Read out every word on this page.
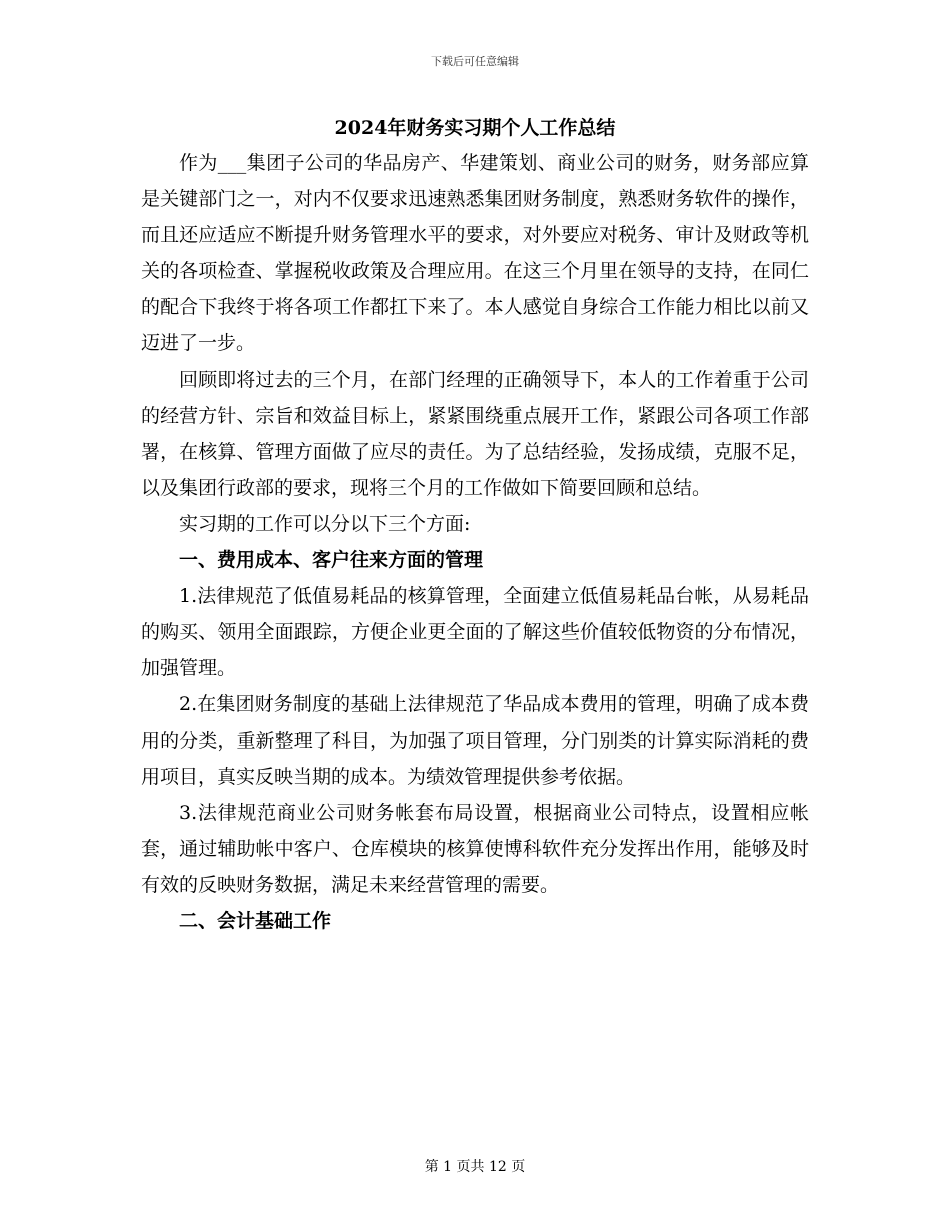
下载后可任意编辑
2024年财务实习期个人工作总结

作为___集团子公司的华品房产、华建策划、商业公司的财务，财务部应算是关键部门之一，对内不仅要求迅速熟悉集团财务制度，熟悉财务软件的操作，而且还应适应不断提升财务管理水平的要求，对外要应对税务、审计及财政等机关的各项检查、掌握税收政策及合理应用。在这三个月里在领导的支持，在同仁的配合下我终于将各项工作都扛下来了。本人感觉自身综合工作能力相比以前又迈进了一步。

回顾即将过去的三个月，在部门经理的正确领导下，本人的工作着重于公司的经营方针、宗旨和效益目标上，紧紧围绕重点展开工作，紧跟公司各项工作部署，在核算、管理方面做了应尽的责任。为了总结经验，发扬成绩，克服不足，以及集团行政部的要求，现将三个月的工作做如下简要回顾和总结。

实习期的工作可以分以下三个方面:

一、费用成本、客户往来方面的管理

1.法律规范了低值易耗品的核算管理，全面建立低值易耗品台帐，从易耗品的购买、领用全面跟踪，方便企业更全面的了解这些价值较低物资的分布情况，加强管理。

2.在集团财务制度的基础上法律规范了华品成本费用的管理，明确了成本费用的分类，重新整理了科目，为加强了项目管理，分门别类的计算实际消耗的费用项目，真实反映当期的成本。为绩效管理提供参考依据。

3.法律规范商业公司财务帐套布局设置，根据商业公司特点，设置相应帐套，通过辅助帐中客户、仓库模块的核算使博科软件充分发挥出作用，能够及时有效的反映财务数据，满足未来经营管理的需要。

二、会计基础工作

第 1 页共 12 页
